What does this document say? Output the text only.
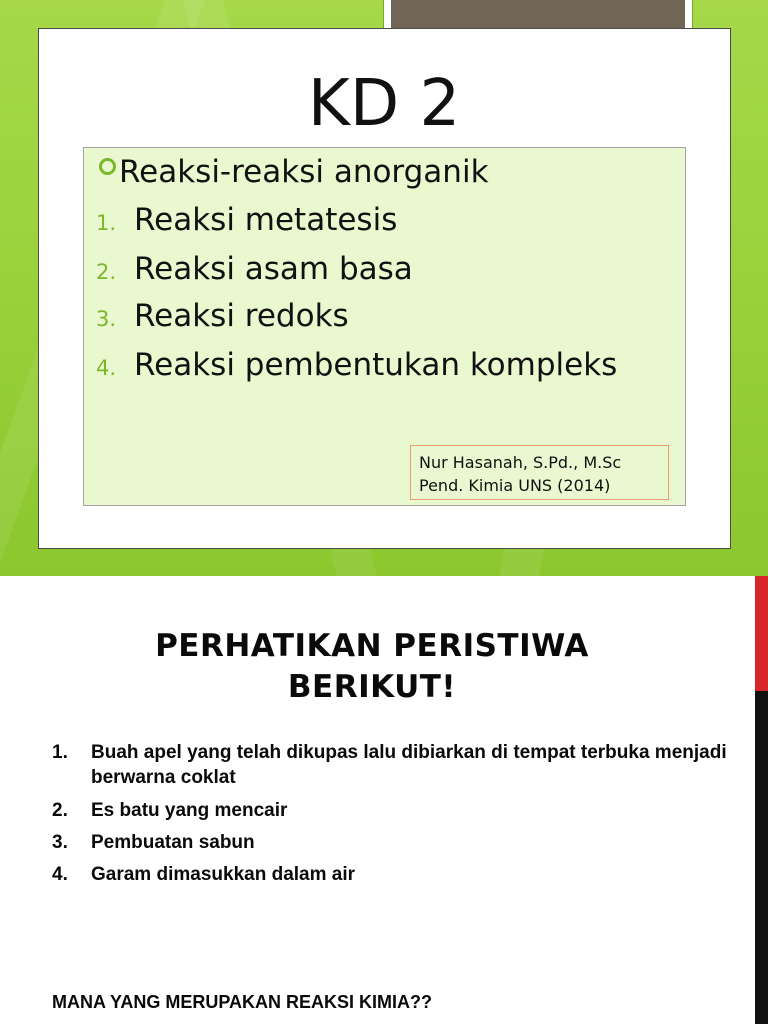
KD 2
Reaksi-reaksi anorganik
1. Reaksi metatesis
2. Reaksi asam basa
3. Reaksi redoks
4. Reaksi pembentukan kompleks
Nur Hasanah, S.Pd., M.Sc
Pend. Kimia UNS (2014)
PERHATIKAN PERISTIWA
BERIKUT!
1. Buah apel yang telah dikupas lalu dibiarkan di tempat terbuka menjadi berwarna coklat
2. Es batu yang mencair
3. Pembuatan sabun
4. Garam dimasukkan dalam air
MANA YANG MERUPAKAN REAKSI KIMIA??
